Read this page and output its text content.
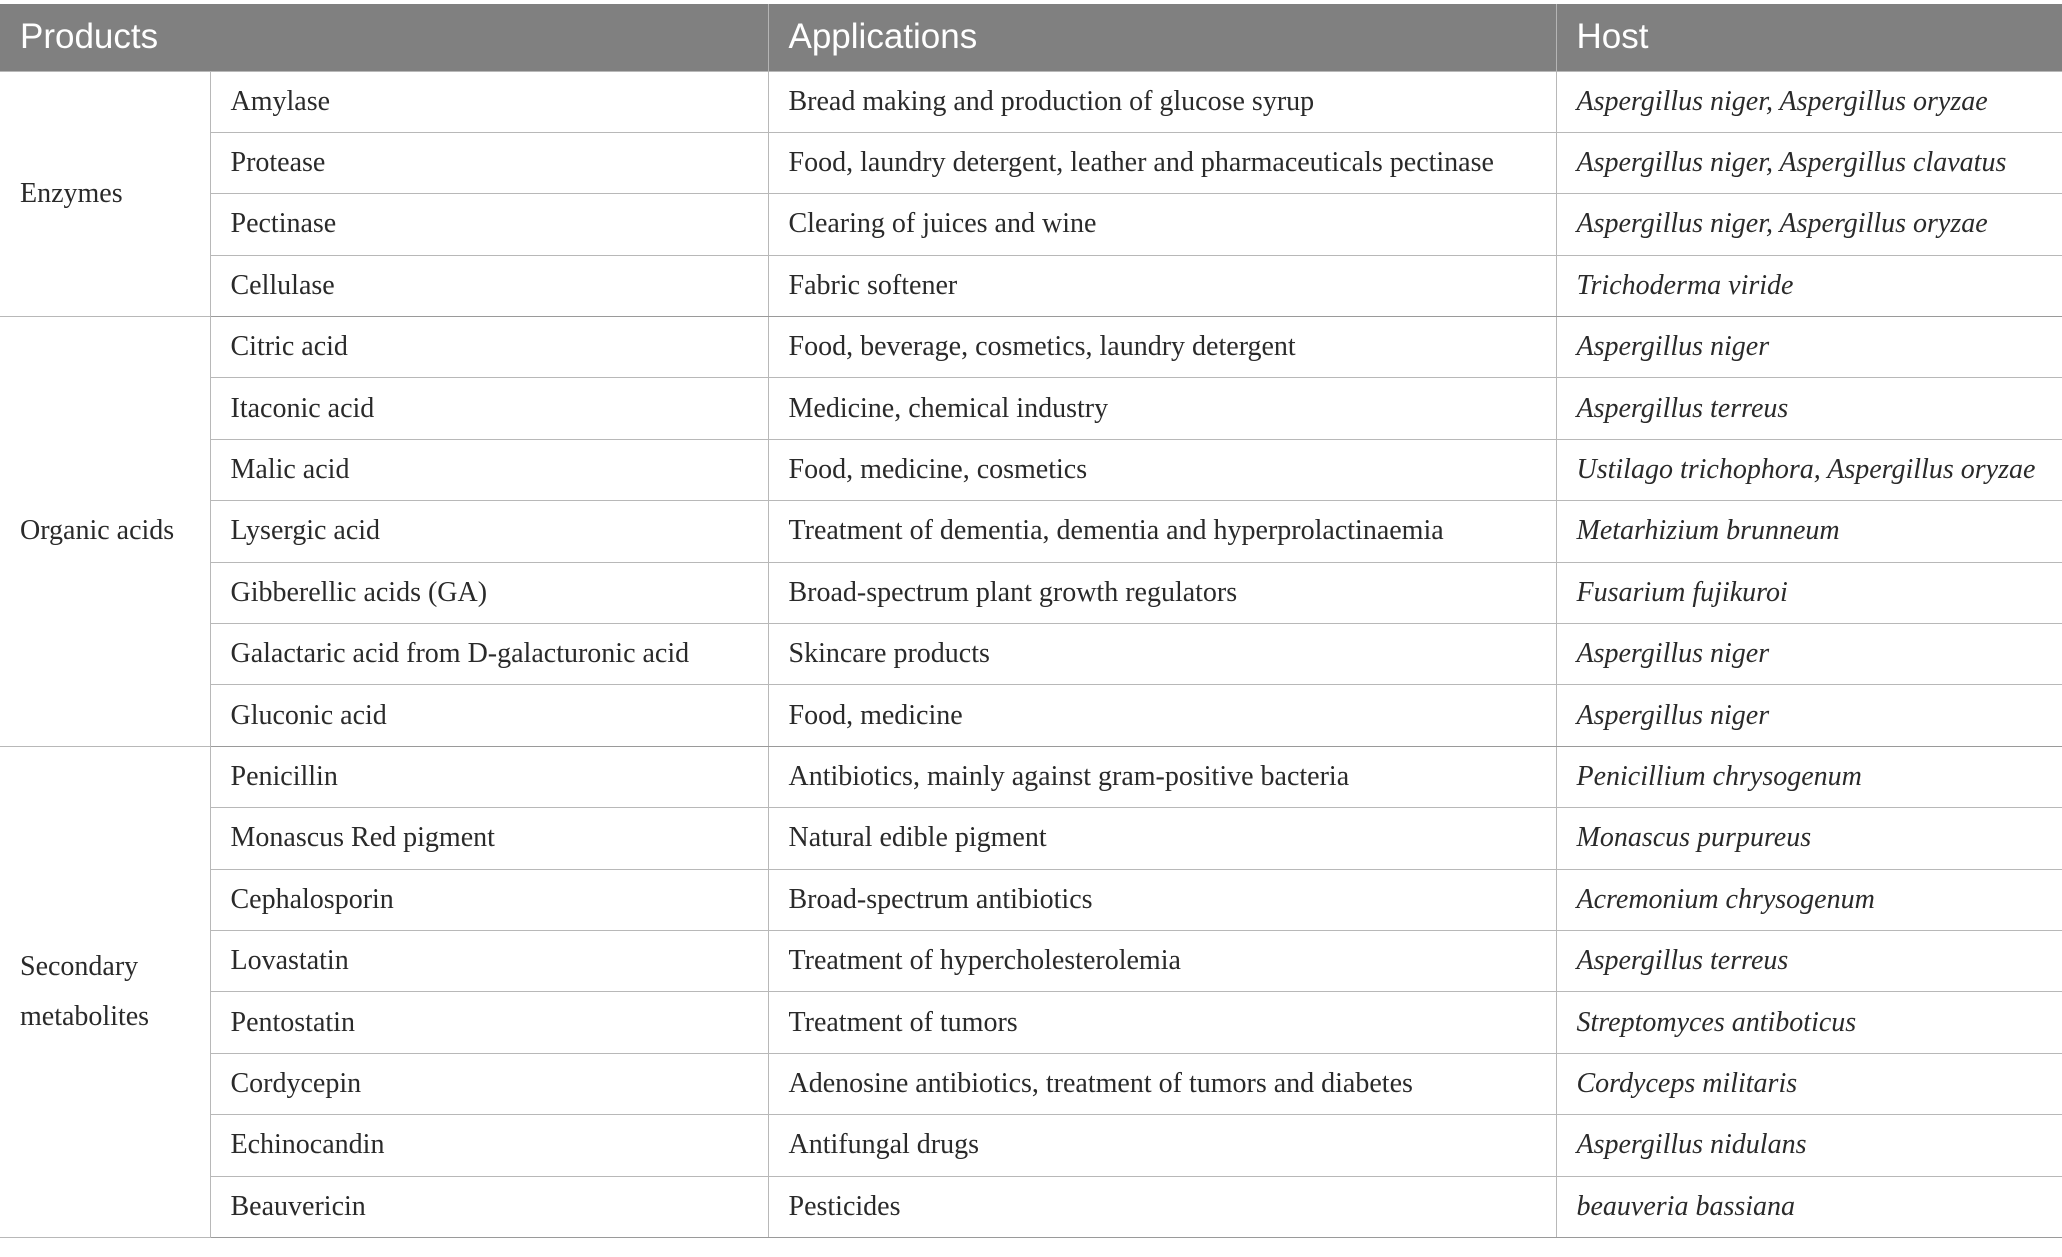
Products		Applications	Host
Enzymes	Amylase	Bread making and production of glucose syrup	Aspergillus niger, Aspergillus oryzae
	Protease	Food, laundry detergent, leather and pharmaceuticals pectinase	Aspergillus niger, Aspergillus clavatus
	Pectinase	Clearing of juices and wine	Aspergillus niger, Aspergillus oryzae
	Cellulase	Fabric softener	Trichoderma viride
Organic acids	Citric acid	Food, beverage, cosmetics, laundry detergent	Aspergillus niger
	Itaconic acid	Medicine, chemical industry	Aspergillus terreus
	Malic acid	Food, medicine, cosmetics	Ustilago trichophora, Aspergillus oryzae
	Lysergic acid	Treatment of dementia, dementia and hyperprolactinaemia	Metarhizium brunneum
	Gibberellic acids (GA)	Broad-spectrum plant growth regulators	Fusarium fujikuroi
	Galactaric acid from D-galacturonic acid	Skincare products	Aspergillus niger
	Gluconic acid	Food, medicine	Aspergillus niger
Secondary metabolites	Penicillin	Antibiotics, mainly against gram-positive bacteria	Penicillium chrysogenum
	Monascus Red pigment	Natural edible pigment	Monascus purpureus
	Cephalosporin	Broad-spectrum antibiotics	Acremonium chrysogenum
	Lovastatin	Treatment of hypercholesterolemia	Aspergillus terreus
	Pentostatin	Treatment of tumors	Streptomyces antiboticus
	Cordycepin	Adenosine antibiotics, treatment of tumors and diabetes	Cordyceps militaris
	Echinocandin	Antifungal drugs	Aspergillus nidulans
	Beauvericin	Pesticides	beauveria bassiana
